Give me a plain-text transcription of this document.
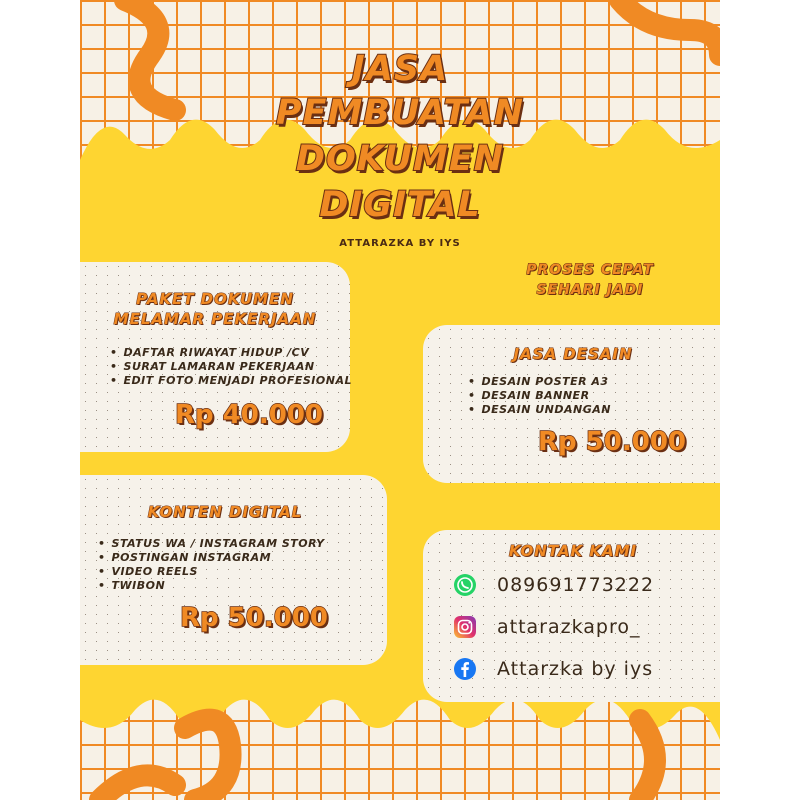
JASA
PEMBUATAN
DOKUMEN
DIGITAL
ATTARAZKA BY IYS
PROSES CEPAT
SEHARI JADI
PAKET DOKUMEN
MELAMAR PEKERJAAN
• DAFTAR RIWAYAT HIDUP /CV
• SURAT LAMARAN PEKERJAAN
• EDIT FOTO MENJADI PROFESIONAL
Rp 40.000
JASA DESAIN
• DESAIN POSTER A3
• DESAIN BANNER
• DESAIN UNDANGAN
Rp 50.000
KONTEN DIGITAL
• STATUS WA / INSTAGRAM STORY
• POSTINGAN INSTAGRAM
• VIDEO REELS
• TWIBON
Rp 50.000
KONTAK KAMI
089691773222
attarazkapro_
Attarzka by iys
